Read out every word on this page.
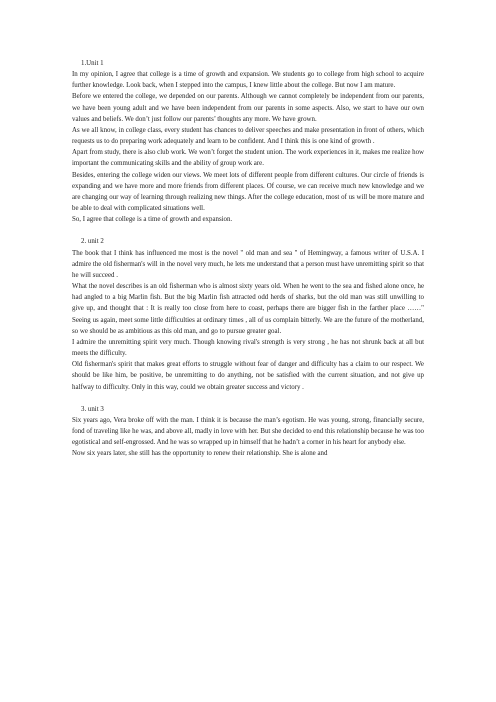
1.Unit 1

In my opinion, I agree that college is a time of growth and expansion. We students go to college from high school to acquire further knowledge. Look back, when I stepped into the campus, I knew little about the college. But now I am mature.

Before we entered the college, we depended on our parents. Although we cannot completely be independent from our parents, we have been young adult and we have been independent from our parents in some aspects. Also, we start to have our own values and beliefs. We don’t just follow our parents’ thoughts any more. We have grown.

As we all know, in college class, every student has chances to deliver speeches and make presentation in front of others, which requests us to do preparing work adequately and learn to be confident. And I think this is one kind of growth .

Apart from study, there is also club work. We won’t forget the student union. The work experiences in it, makes me realize how important the communicating skills and the ability of group work are.

Besides, entering the college widen our views. We meet lots of different people from different cultures. Our circle of friends is expanding and we have more and more friends from different places. Of course, we can receive much new knowledge and we are changing our way of learning through realizing new things. After the college education, most of us will be more mature and be able to deal with complicated situations well.

So, I agree that college is a time of growth and expansion.

2. unit 2

The book that I think has influenced me most is the novel " old man and sea " of Hemingway, a famous writer of U.S.A. I admire the old fisherman's will in the novel very much, he lets me understand that a person must have unremitting spirit so that he will succeed .

What the novel describes is an old fisherman who is almost sixty years old. When he went to the sea and fished alone once, he had angled to a big Marlin fish. But the big Marlin fish attracted odd herds of sharks, but the old man was still unwilling to give up, and thought that : It is really too close from here to coast, perhaps there are bigger fish in the farther place ……" Seeing us again, meet some little difficulties at ordinary times , all of us complain bitterly. We are the future of the motherland, so we should be as ambitious as this old man, and go to pursue greater goal.

I admire the unremitting spirit very much. Though knowing rival's strength is very strong , he has not shrunk back at all but meets the difficulty.

Old fisherman's spirit that makes great efforts to struggle without fear of danger and difficulty has a claim to our respect. We should be like him, be positive, be unremitting to do anything, not be satisfied with the current situation, and not give up halfway to difficulty. Only in this way, could we obtain greater success and victory .

3. unit 3

Six years ago, Vera broke off with the man. I think it is because the man’s egotism. He was young, strong, financially secure, fond of traveling like he was, and above all, madly in love with her. But she decided to end this relationship because he was too egotistical and self-engrossed. And he was so wrapped up in himself that he hadn’t a corner in his heart for anybody else.

Now six years later, she still has the opportunity to renew their relationship. She is alone and
